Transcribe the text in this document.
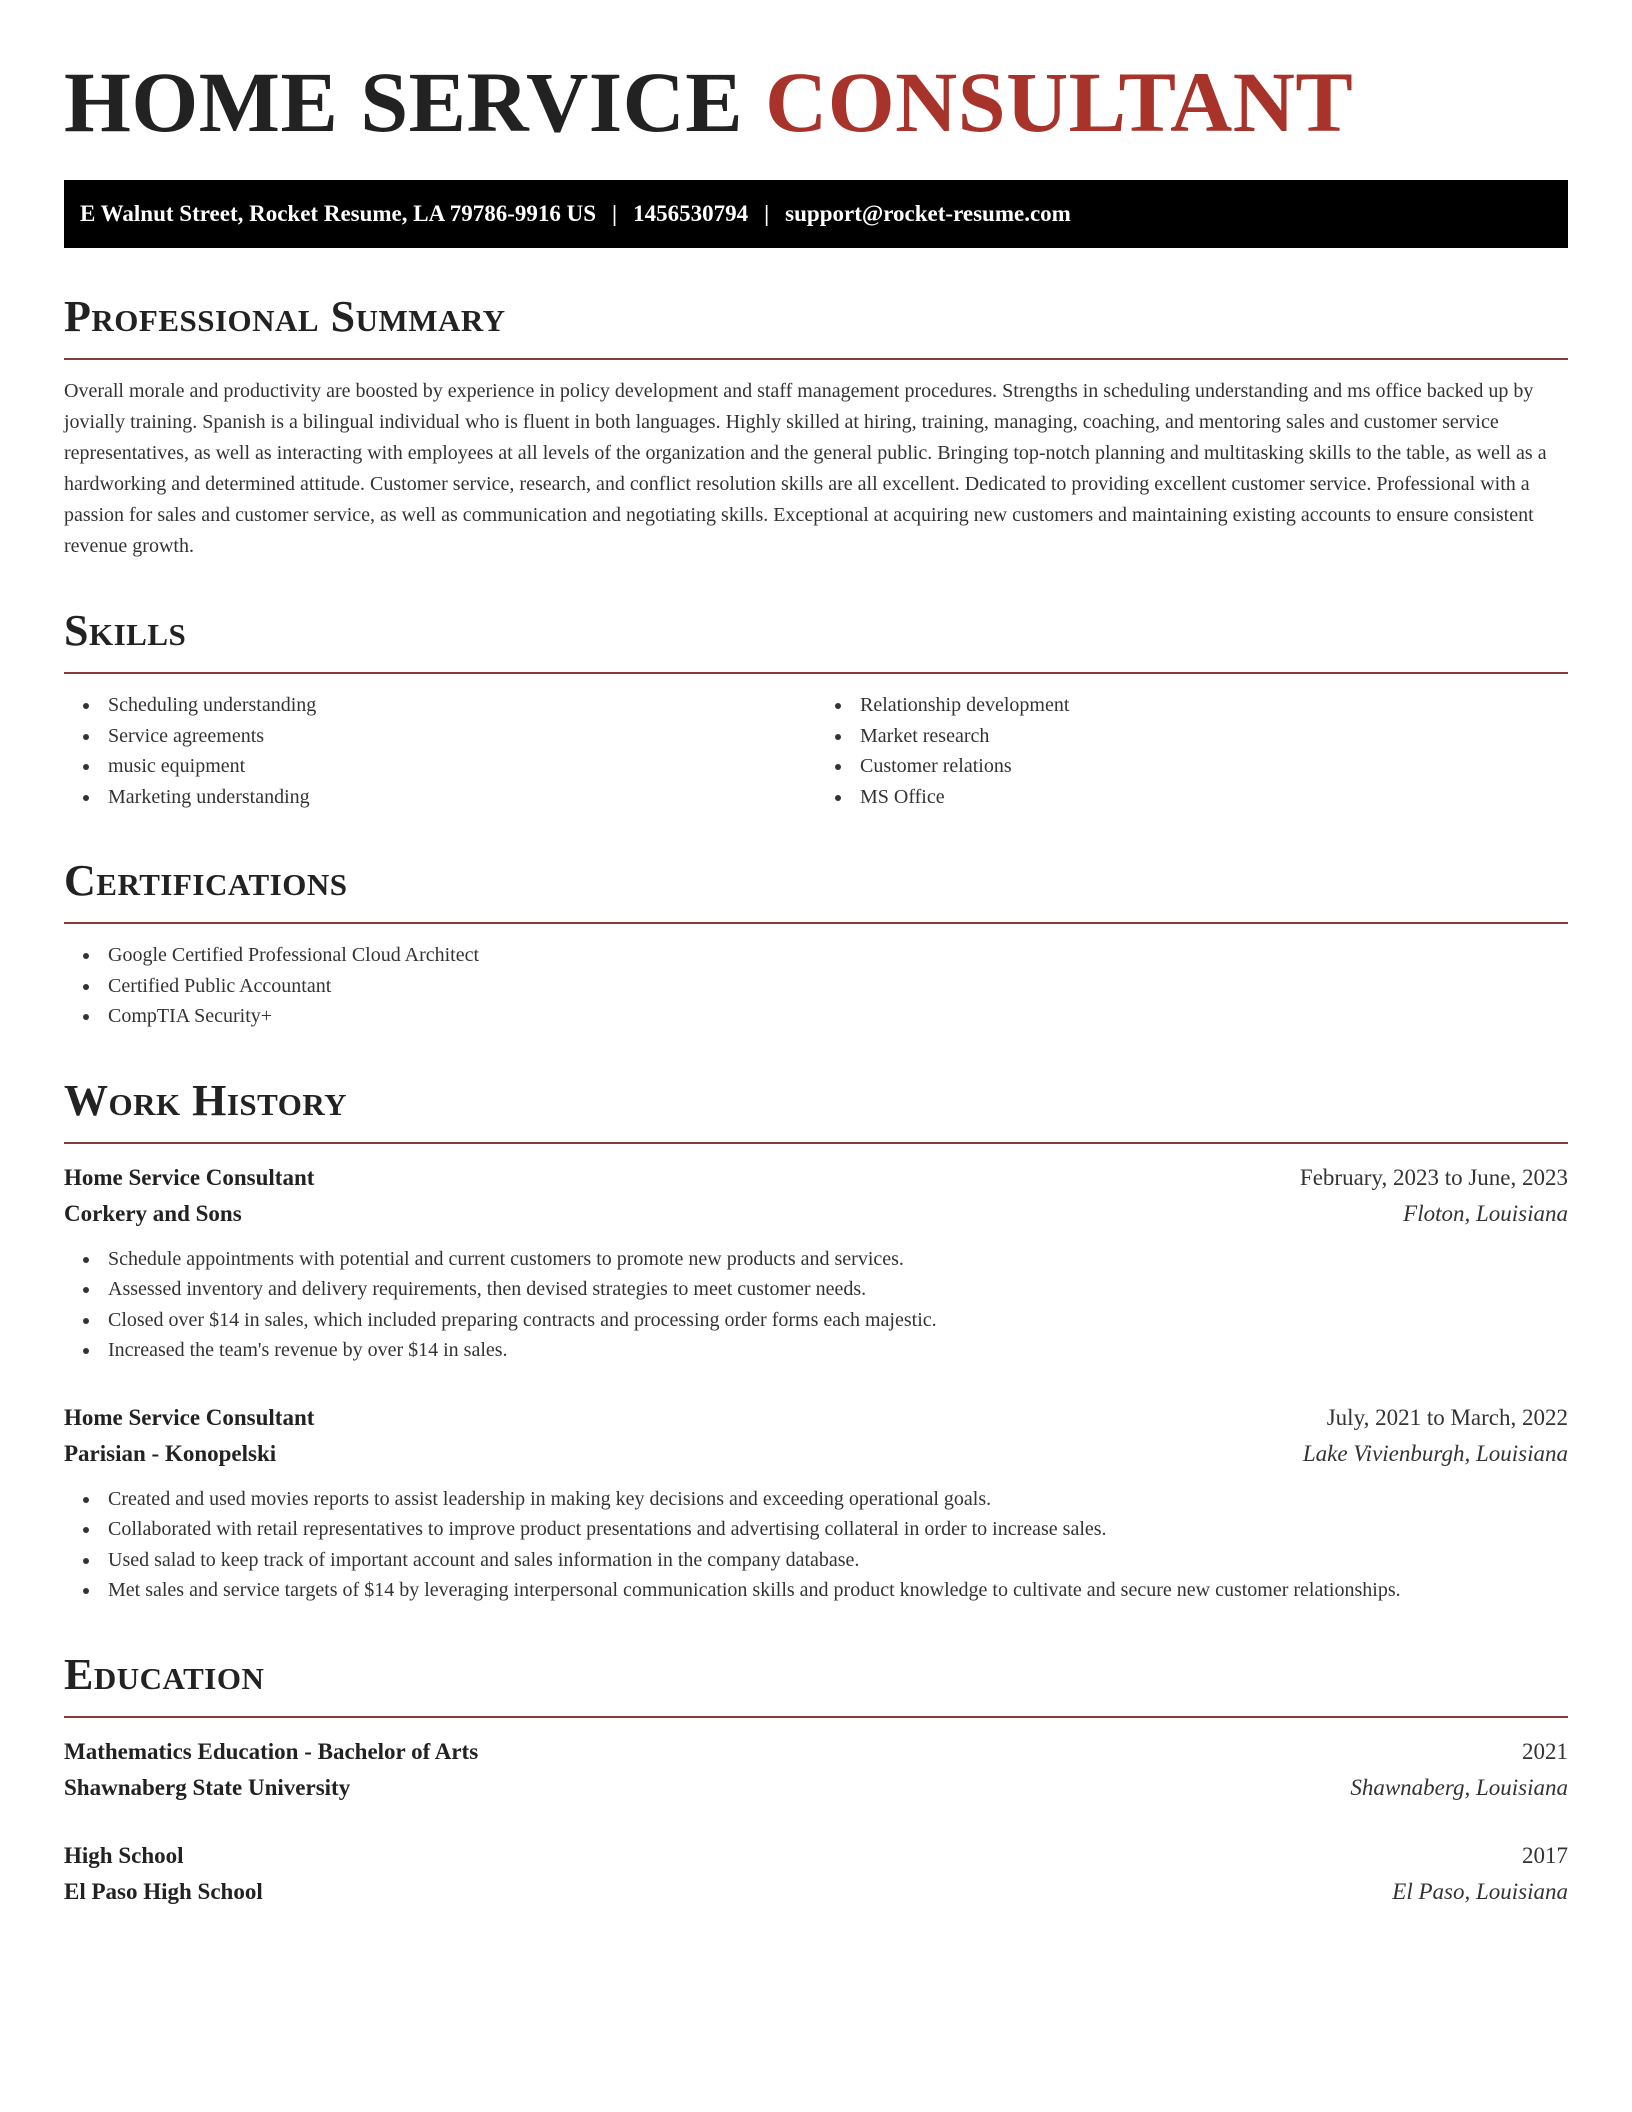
HOME SERVICE CONSULTANT
E Walnut Street, Rocket Resume, LA 79786-9916 US | 1456530794 | support@rocket-resume.com
Professional Summary

Overall morale and productivity are boosted by experience in policy development and staff management procedures. Strengths in scheduling understanding and ms office backed up by jovially training. Spanish is a bilingual individual who is fluent in both languages. Highly skilled at hiring, training, managing, coaching, and mentoring sales and customer service representatives, as well as interacting with employees at all levels of the organization and the general public. Bringing top-notch planning and multitasking skills to the table, as well as a hardworking and determined attitude. Customer service, research, and conflict resolution skills are all excellent. Dedicated to providing excellent customer service. Professional with a passion for sales and customer service, as well as communication and negotiating skills. Exceptional at acquiring new customers and maintaining existing accounts to ensure consistent revenue growth.

Skills
Scheduling understanding
Service agreements
music equipment
Marketing understanding
Relationship development
Market research
Customer relations
MS Office
Certifications
Google Certified Professional Cloud Architect
Certified Public Accountant
CompTIA Security+
Work History
Home Service Consultant	February, 2023 to June, 2023
Corkery and Sons	Floton, Louisiana
Schedule appointments with potential and current customers to promote new products and services.
Assessed inventory and delivery requirements, then devised strategies to meet customer needs.
Closed over $14 in sales, which included preparing contracts and processing order forms each majestic.
Increased the team's revenue by over $14 in sales.
Home Service Consultant	July, 2021 to March, 2022
Parisian - Konopelski	Lake Vivienburgh, Louisiana
Created and used movies reports to assist leadership in making key decisions and exceeding operational goals.
Collaborated with retail representatives to improve product presentations and advertising collateral in order to increase sales.
Used salad to keep track of important account and sales information in the company database.
Met sales and service targets of $14 by leveraging interpersonal communication skills and product knowledge to cultivate and secure new customer relationships.
Education
Mathematics Education - Bachelor of Arts	2021
Shawnaberg State University	Shawnaberg, Louisiana
High School	2017
El Paso High School	El Paso, Louisiana
